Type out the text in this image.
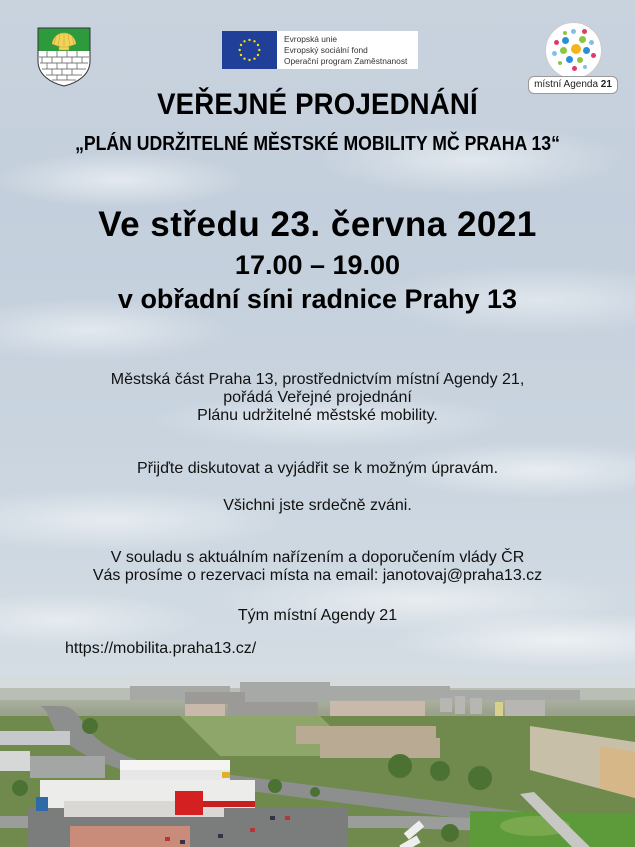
Evropská unie
Evropský sociální fond
Operační program Zaměstnanost
místní Agenda 21
VEŘEJNÉ PROJEDNÁNÍ
„PLÁN UDRŽITELNÉ MĚSTSKÉ MOBILITY MČ PRAHA 13“
Ve středu 23. června 2021
17.00 – 19.00
v obřadní síni radnice Prahy 13
Městská část Praha 13, prostřednictvím místní Agendy 21,
pořádá Veřejné projednání
Plánu udržitelné městské mobility.
Přijďte diskutovat a vyjádřit se k možným úpravám.
Všichni jste srdečně zváni.
V souladu s aktuálním nařízením a doporučením vlády ČR
Vás prosíme o rezervaci místa na email: janotovaj@praha13.cz
Tým místní Agendy 21
https://mobilita.praha13.cz/
